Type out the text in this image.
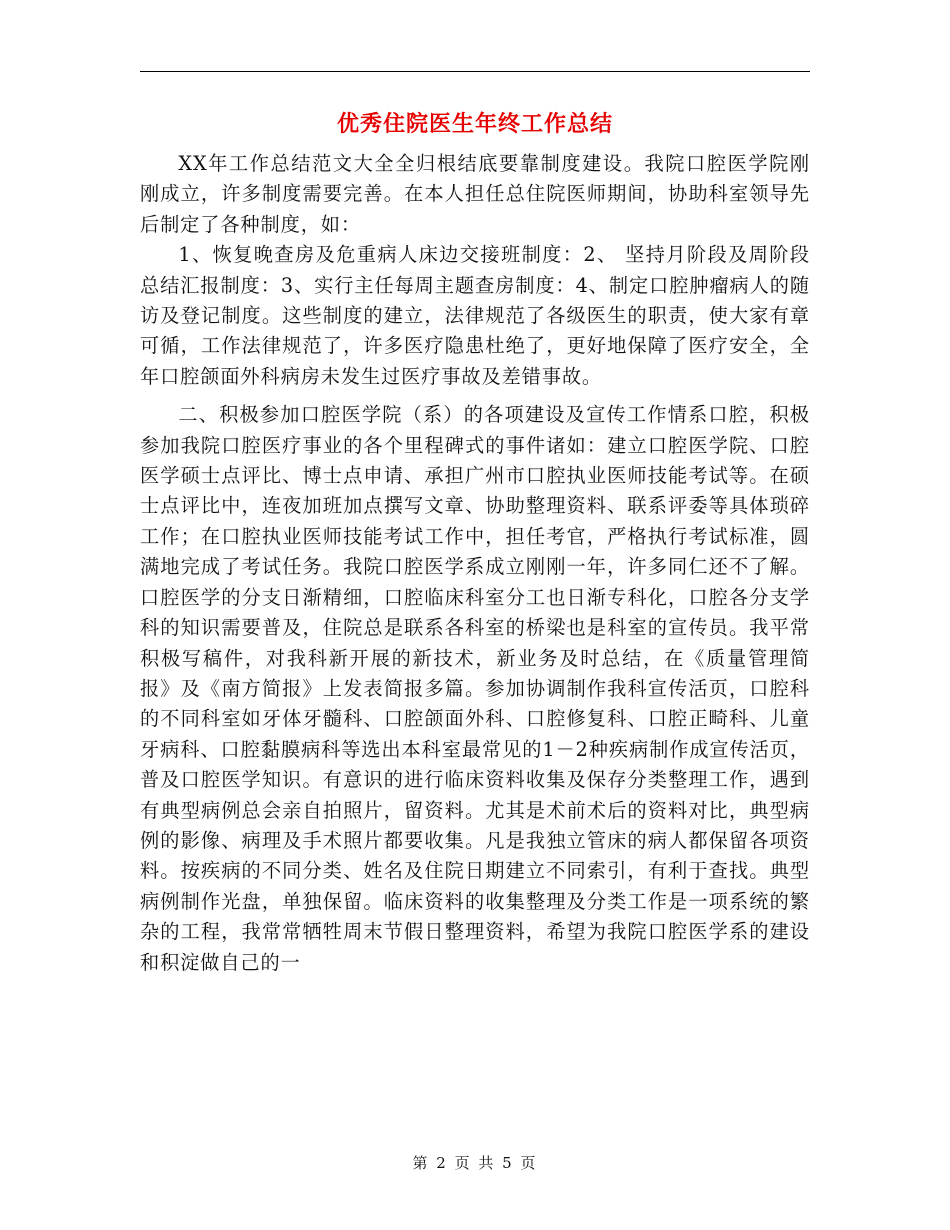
优秀住院医生年终工作总结

XX年工作总结范文大全全归根结底要靠制度建设。我院口腔医学院刚刚成立，许多制度需要完善。在本人担任总住院医师期间，协助科室领导先后制定了各种制度，如：

1、恢复晚查房及危重病人床边交接班制度：2、 坚持月阶段及周阶段总结汇报制度：3、实行主任每周主题查房制度：4、制定口腔肿瘤病人的随访及登记制度。这些制度的建立，法律规范了各级医生的职责，使大家有章可循，工作法律规范了，许多医疗隐患杜绝了，更好地保障了医疗安全，全年口腔颌面外科病房未发生过医疗事故及差错事故。

二、积极参加口腔医学院（系）的各项建设及宣传工作情系口腔，积极参加我院口腔医疗事业的各个里程碑式的事件诸如：建立口腔医学院、口腔医学硕士点评比、博士点申请、承担广州市口腔执业医师技能考试等。在硕士点评比中，连夜加班加点撰写文章、协助整理资料、联系评委等具体琐碎工作；在口腔执业医师技能考试工作中，担任考官，严格执行考试标准，圆满地完成了考试任务。我院口腔医学系成立刚刚一年，许多同仁还不了解。口腔医学的分支日渐精细，口腔临床科室分工也日渐专科化，口腔各分支学科的知识需要普及，住院总是联系各科室的桥梁也是科室的宣传员。我平常积极写稿件，对我科新开展的新技术，新业务及时总结，在《质量管理简报》及《南方简报》上发表简报多篇。参加协调制作我科宣传活页，口腔科的不同科室如牙体牙髓科、口腔颌面外科、口腔修复科、口腔正畸科、儿童牙病科、口腔黏膜病科等选出本科室最常见的1－2种疾病制作成宣传活页，普及口腔医学知识。有意识的进行临床资料收集及保存分类整理工作，遇到有典型病例总会亲自拍照片，留资料。尤其是术前术后的资料对比，典型病例的影像、病理及手术照片都要收集。凡是我独立管床的病人都保留各项资料。按疾病的不同分类、姓名及住院日期建立不同索引，有利于查找。典型病例制作光盘，单独保留。临床资料的收集整理及分类工作是一项系统的繁杂的工程，我常常牺牲周末节假日整理资料，希望为我院口腔医学系的建设和积淀做自己的一

第 2 页 共 5 页
